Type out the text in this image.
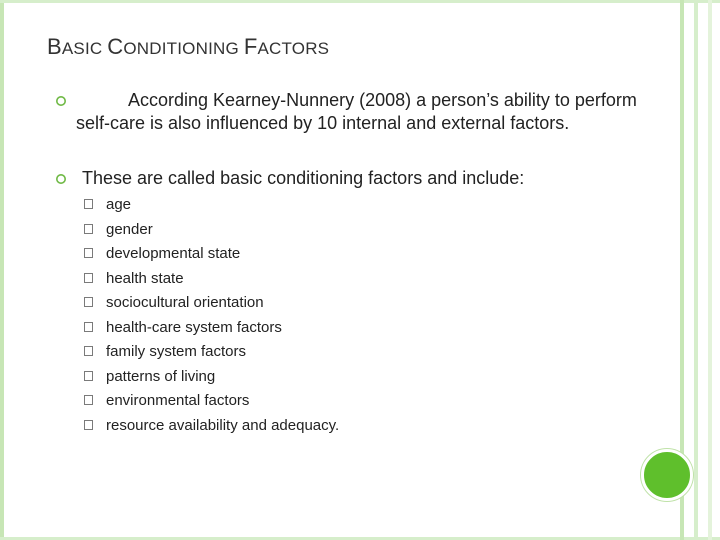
BASIC CONDITIONING FACTORS
According Kearney-Nunnery (2008) a person’s ability to perform self-care is also influenced by 10 internal and external factors.
These are called basic conditioning factors and include:
age
gender
developmental state
health state
sociocultural orientation
health-care system factors
family system factors
patterns of living
environmental factors
resource availability and adequacy.
